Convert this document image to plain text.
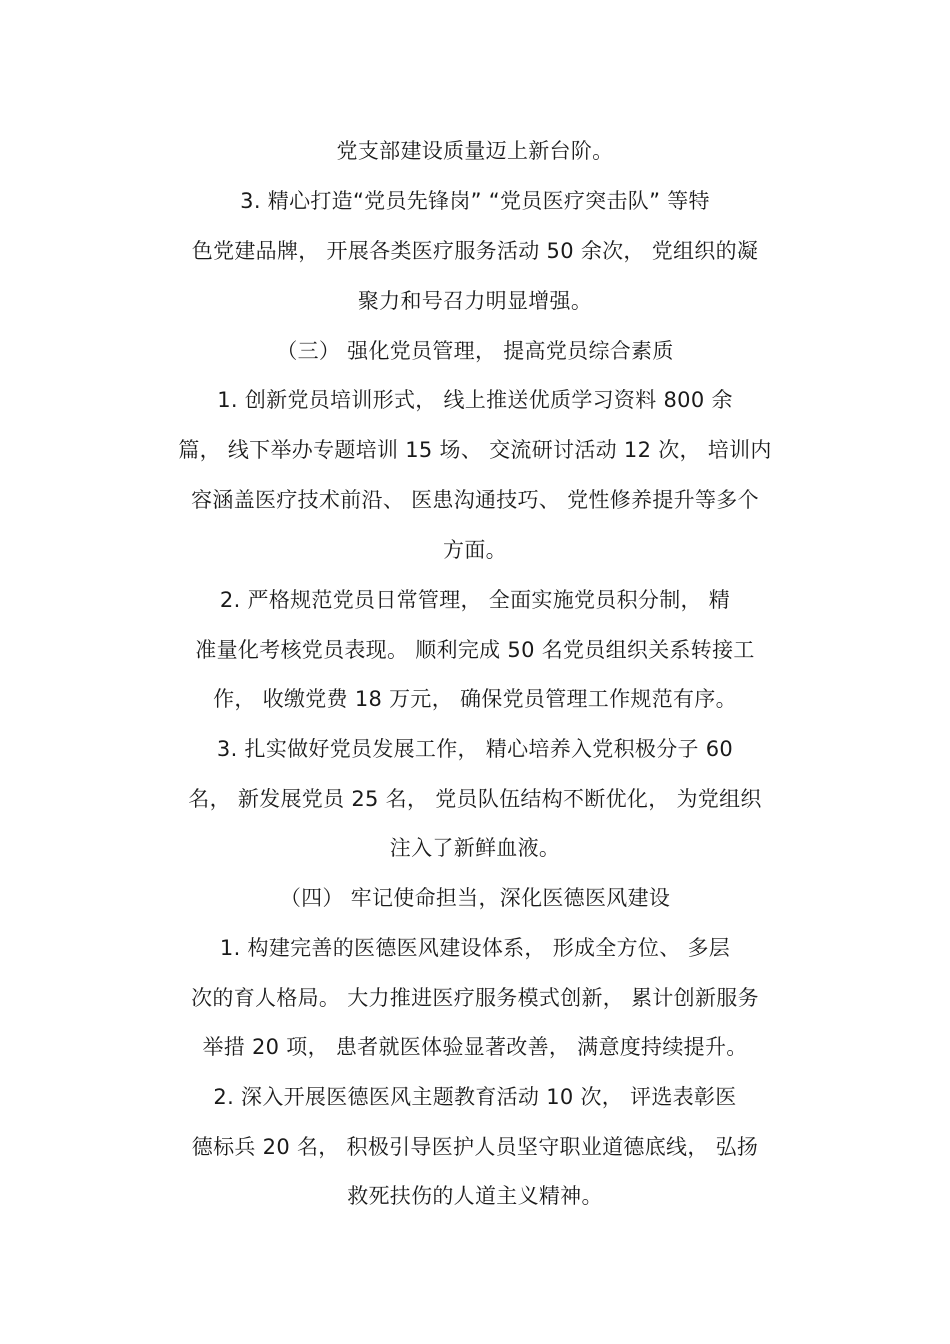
党支部建设质量迈上新台阶。
3. 精心打造“党员先锋岗” “党员医疗突击队” 等特
色党建品牌， 开展各类医疗服务活动 50 余次， 党组织的凝
聚力和号召力明显增强。
（三） 强化党员管理， 提高党员综合素质
1. 创新党员培训形式， 线上推送优质学习资料 800 余
篇， 线下举办专题培训 15 场、 交流研讨活动 12 次， 培训内
容涵盖医疗技术前沿、 医患沟通技巧、 党性修养提升等多个
方面。
2. 严格规范党员日常管理， 全面实施党员积分制， 精
准量化考核党员表现。 顺利完成 50 名党员组织关系转接工
作， 收缴党费 18 万元， 确保党员管理工作规范有序。
3. 扎实做好党员发展工作， 精心培养入党积极分子 60
名， 新发展党员 25 名， 党员队伍结构不断优化， 为党组织
注入了新鲜血液。
（四） 牢记使命担当，深化医德医风建设
1. 构建完善的医德医风建设体系， 形成全方位、 多层
次的育人格局。 大力推进医疗服务模式创新， 累计创新服务
举措 20 项， 患者就医体验显著改善， 满意度持续提升。
2. 深入开展医德医风主题教育活动 10 次， 评选表彰医
德标兵 20 名， 积极引导医护人员坚守职业道德底线， 弘扬
救死扶伤的人道主义精神。
